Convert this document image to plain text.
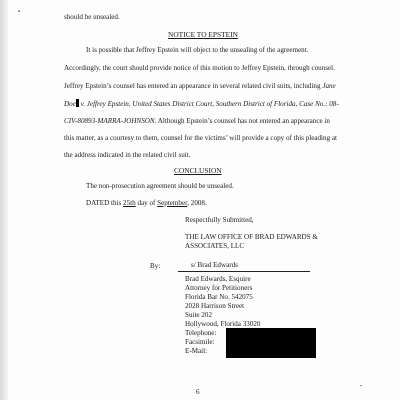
should be unsealed.
NOTICE TO EPSTEIN
It is possible that Jeffrey Epstein will object to the unsealing of the agreement.
Accordingly, the court should provide notice of this motion to Jeffrey Epstein, through counsel.
Jeffrey Epstein’s counsel has entered an appearance in several related civil suits, including Jane
Doe v. Jeffrey Epstein, United States District Court, Southern District of Florida, Case No.: 08-
CIV-80893-MARRA-JOHNSON. Although Epstein’s counsel has not entered an appearance in
this matter, as a courtesy to them, counsel for the victims’ will provide a copy of this pleading at
the address indicated in the related civil suit.
CONCLUSION
The non-prosecution agreement should be unsealed.
DATED this 25th day of September, 2008.
Respectfully Submitted,
THE LAW OFFICE OF BRAD EDWARDS &
ASSOCIATES, LLC
By:	s/ Brad Edwards
Brad Edwards, Esquire
Attorney for Petitioners
Florida Bar No. 542075
2028 Harrison Street
Suite 202
Hollywood, Florida 33020
Telephone:
Facsimile:
E-Mail:
6
